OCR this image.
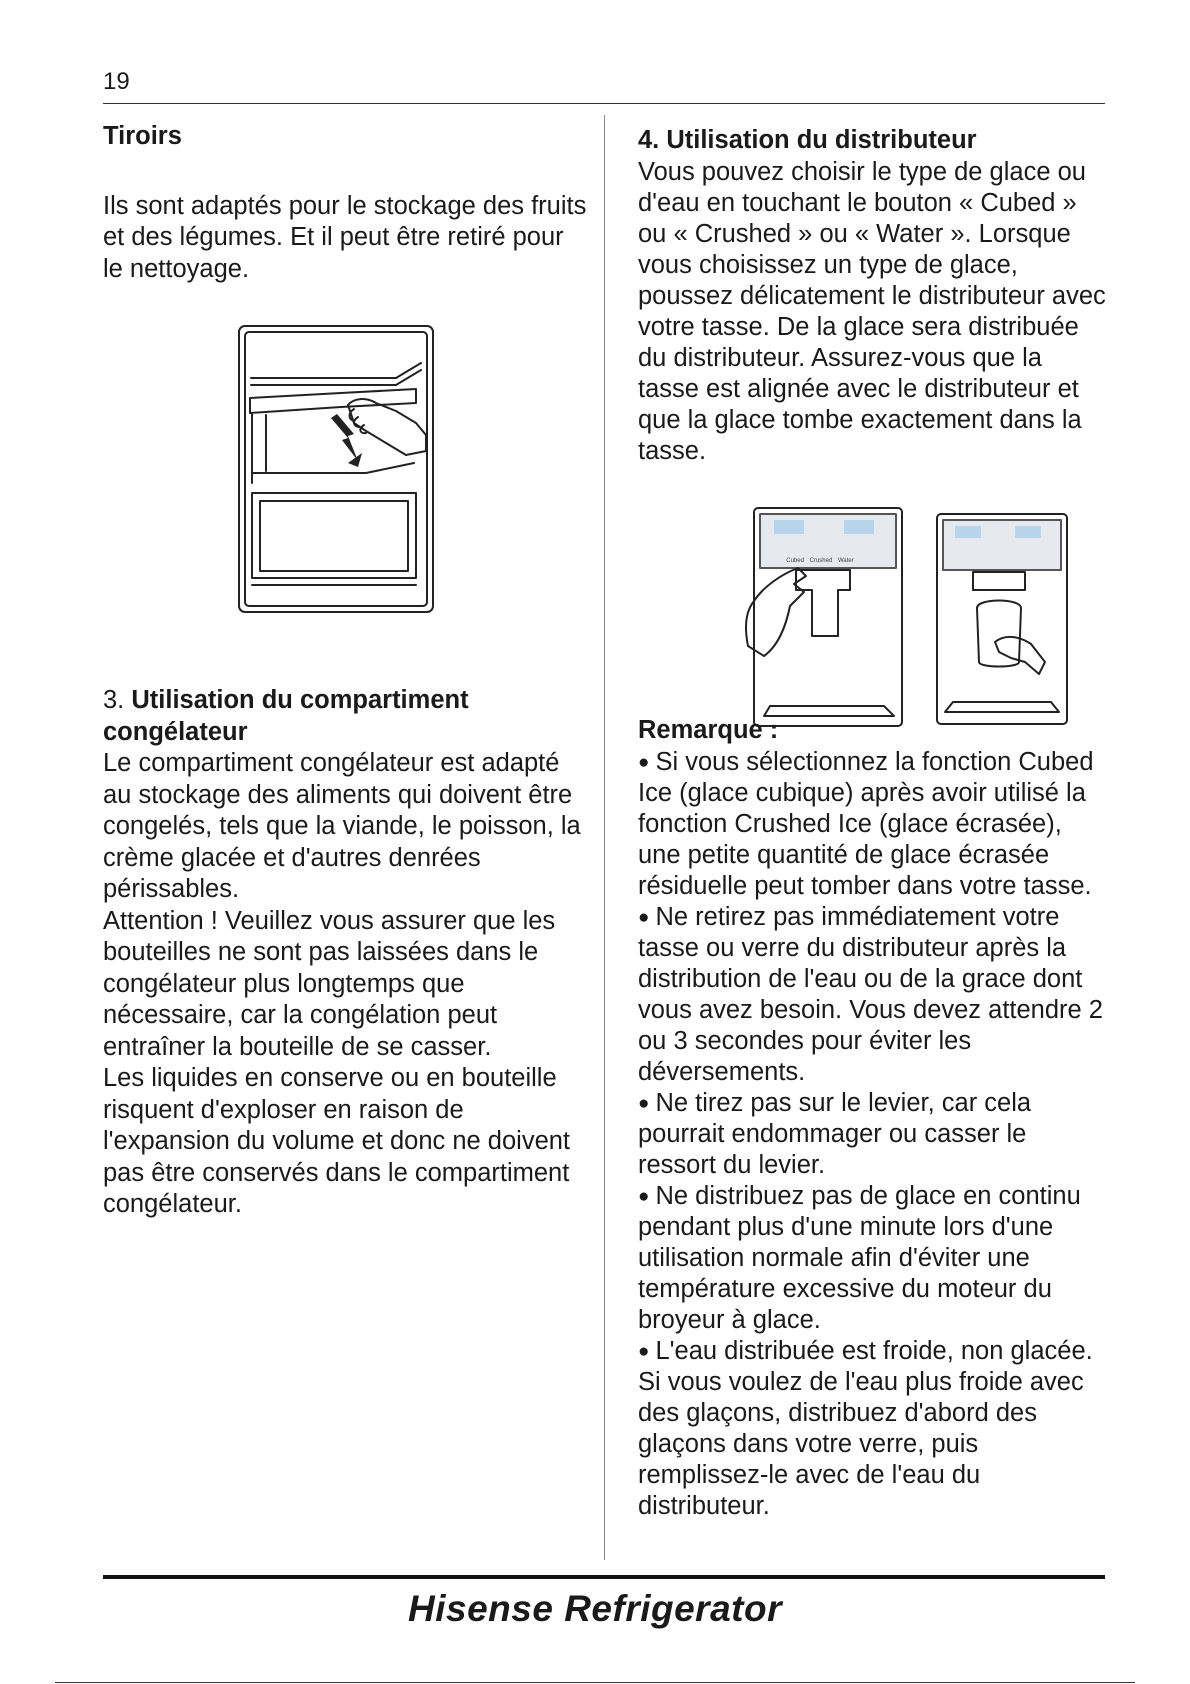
19
Tiroirs

Ils sont adaptés pour le stockage des fruits et des légumes. Et il peut être retiré pour le nettoyage.

3. Utilisation du compartiment congélateur

Le compartiment congélateur est adapté au stockage des aliments qui doivent être congelés, tels que la viande, le poisson, la crème glacée et d'autres denrées périssables.

Attention ! Veuillez vous assurer que les bouteilles ne sont pas laissées dans le congélateur plus longtemps que nécessaire, car la congélation peut entraîner la bouteille de se casser.

Les liquides en conserve ou en bouteille risquent d'exploser en raison de l'expansion du volume et donc ne doivent pas être conservés dans le compartiment congélateur.

4. Utilisation du distributeur

Vous pouvez choisir le type de glace ou d'eau en touchant le bouton « Cubed » ou « Crushed » ou « Water ». Lorsque vous choisissez un type de glace, poussez délicatement le distributeur avec votre tasse. De la glace sera distribuée du distributeur. Assurez-vous que la tasse est alignée avec le distributeur et que la glace tombe exactement dans la tasse.

Cubed Crushed Water
Remarque :

● Si vous sélectionnez la fonction Cubed Ice (glace cubique) après avoir utilisé la fonction Crushed Ice (glace écrasée), une petite quantité de glace écrasée résiduelle peut tomber dans votre tasse.

● Ne retirez pas immédiatement votre tasse ou verre du distributeur après la distribution de l'eau ou de la grace dont vous avez besoin. Vous devez attendre 2 ou 3 secondes pour éviter les déversements.

● Ne tirez pas sur le levier, car cela pourrait endommager ou casser le ressort du levier.

● Ne distribuez pas de glace en continu pendant plus d'une minute lors d'une utilisation normale afin d'éviter une température excessive du moteur du broyeur à glace.

● L'eau distribuée est froide, non glacée. Si vous voulez de l'eau plus froide avec des glaçons, distribuez d'abord des glaçons dans votre verre, puis remplissez-le avec de l'eau du distributeur.

Hisense Refrigerator
